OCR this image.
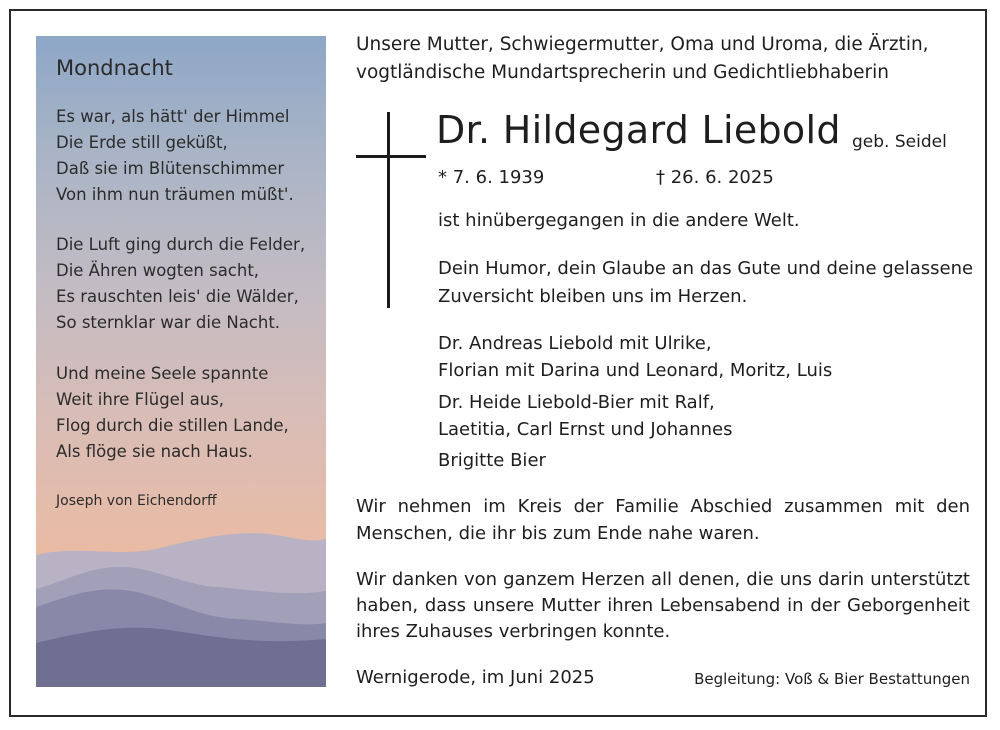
Mondnacht
Es war, als hätt' der Himmel
Die Erde still geküßt,
Daß sie im Blütenschimmer
Von ihm nun träumen müßt'.
Die Luft ging durch die Felder,
Die Ähren wogten sacht,
Es rauschten leis' die Wälder,
So sternklar war die Nacht.
Und meine Seele spannte
Weit ihre Flügel aus,
Flog durch die stillen Lande,
Als flöge sie nach Haus.
Joseph von Eichendorff
Unsere Mutter, Schwiegermutter, Oma und Uroma, die Ärztin,
vogtländische Mundartsprecherin und Gedichtliebhaberin
Dr. Hildegard Liebold geb. Seidel
* 7. 6. 1939	† 26. 6. 2025
ist hinübergegangen in die andere Welt.
Dein Humor, dein Glaube an das Gute und deine gelassene
Zuversicht bleiben uns im Herzen.
Dr. Andreas Liebold mit Ulrike,
Florian mit Darina und Leonard, Moritz, Luis
Dr. Heide Liebold-Bier mit Ralf,
Laetitia, Carl Ernst und Johannes
Brigitte Bier
Wir nehmen im Kreis der Familie Abschied zusammen mit den
Menschen, die ihr bis zum Ende nahe waren.
Wir danken von ganzem Herzen all denen, die uns darin unterstützt
haben, dass unsere Mutter ihren Lebensabend in der Geborgenheit
ihres Zuhauses verbringen konnte.
Wernigerode, im Juni 2025	Begleitung: Voß & Bier Bestattungen
